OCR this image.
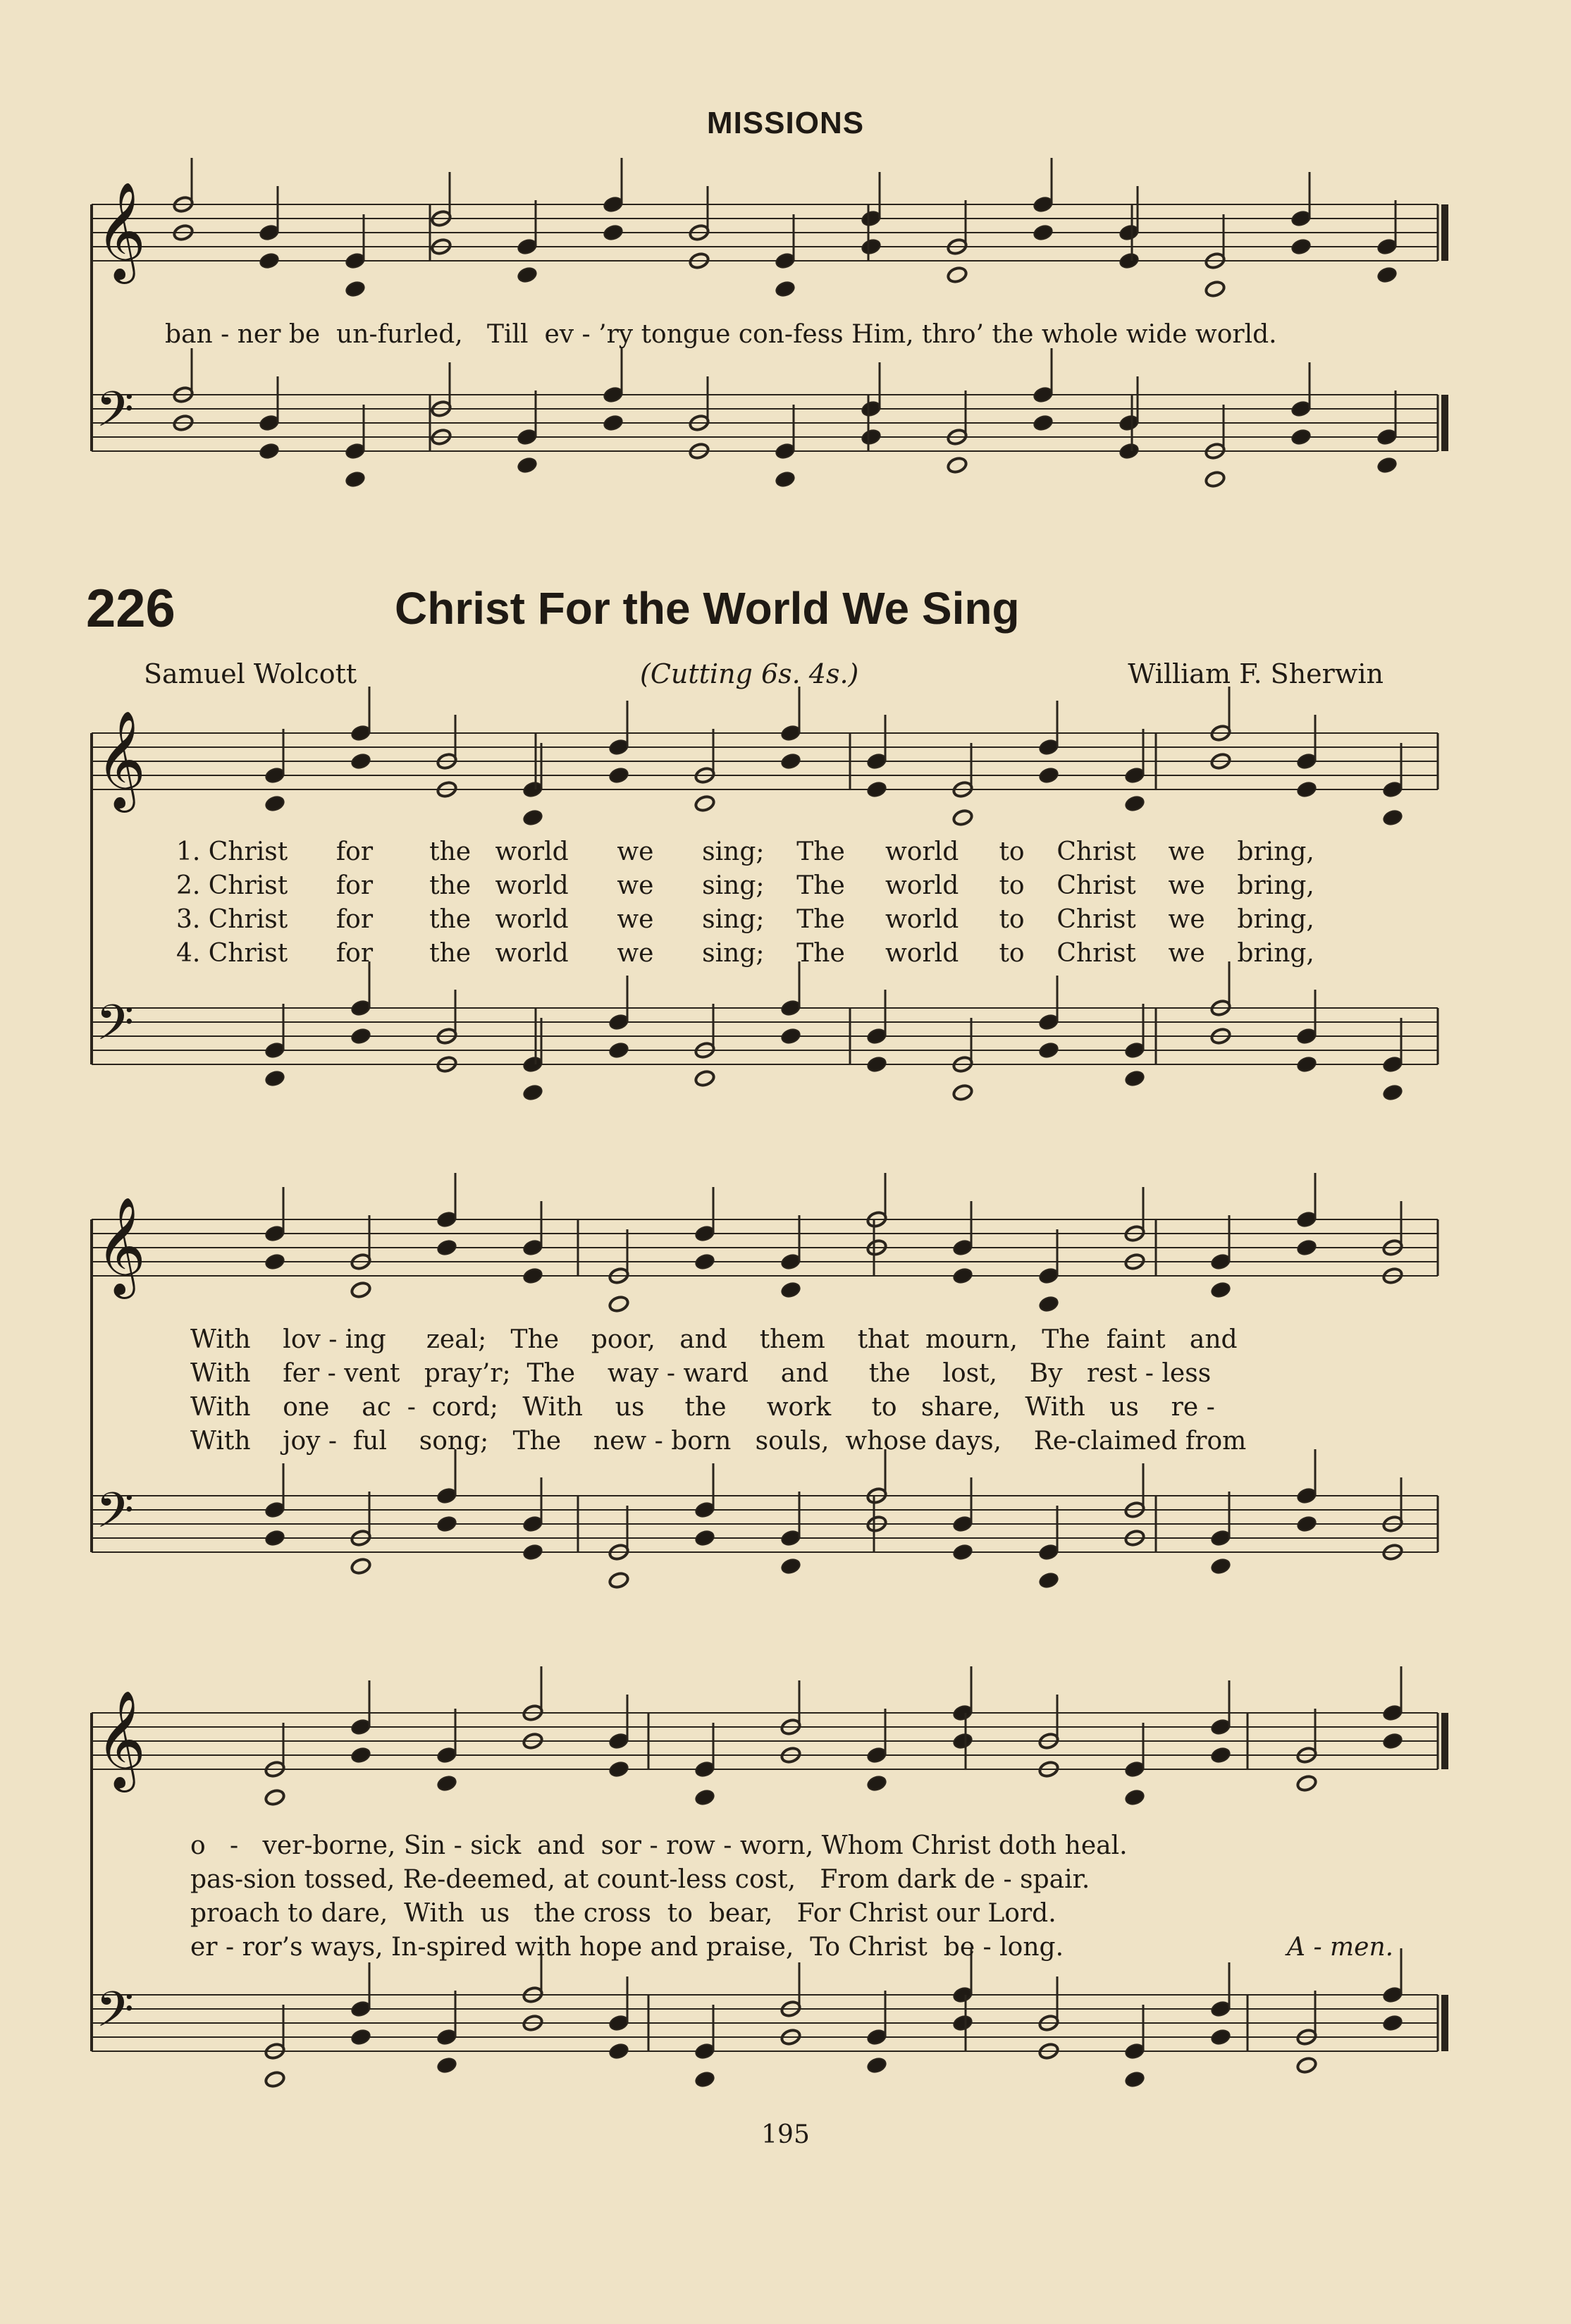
MISSIONS
𝄞
𝄢
𝄞
𝄢
𝄞
𝄢
𝄞
𝄢
ban - ner be  un-furled,   Till  ev - ’ry tongue con-fess Him, thro’ the whole wide world.
226	Christ For the World We Sing
Samuel Wolcott	(Cutting 6s. 4s.)	William F. Sherwin
1. Christ      for       the   world      we      sing;    The     world     to    Christ    we    bring,
2. Christ      for       the   world      we      sing;    The     world     to    Christ    we    bring,
3. Christ      for       the   world      we      sing;    The     world     to    Christ    we    bring,
4. Christ      for       the   world      we      sing;    The     world     to    Christ    we    bring,
With    lov - ing     zeal;   The    poor,   and    them    that  mourn,   The  faint   and
With    fer - vent   pray’r;  The    way - ward    and     the    lost,    By   rest - less
With    one    ac  -  cord;   With    us     the     work     to   share,   With   us    re -
With    joy -  ful    song;   The    new - born   souls,  whose days,    Re-claimed from
o   -   ver-borne, Sin - sick  and  sor - row - worn, Whom Christ doth heal.
pas-sion tossed, Re-deemed, at count-less cost,   From dark de - spair.
proach to dare,  With  us   the cross  to  bear,   For Christ our Lord.
er - ror’s ways, In-spired with hope and praise,  To Christ  be - long.	A - men.
195
